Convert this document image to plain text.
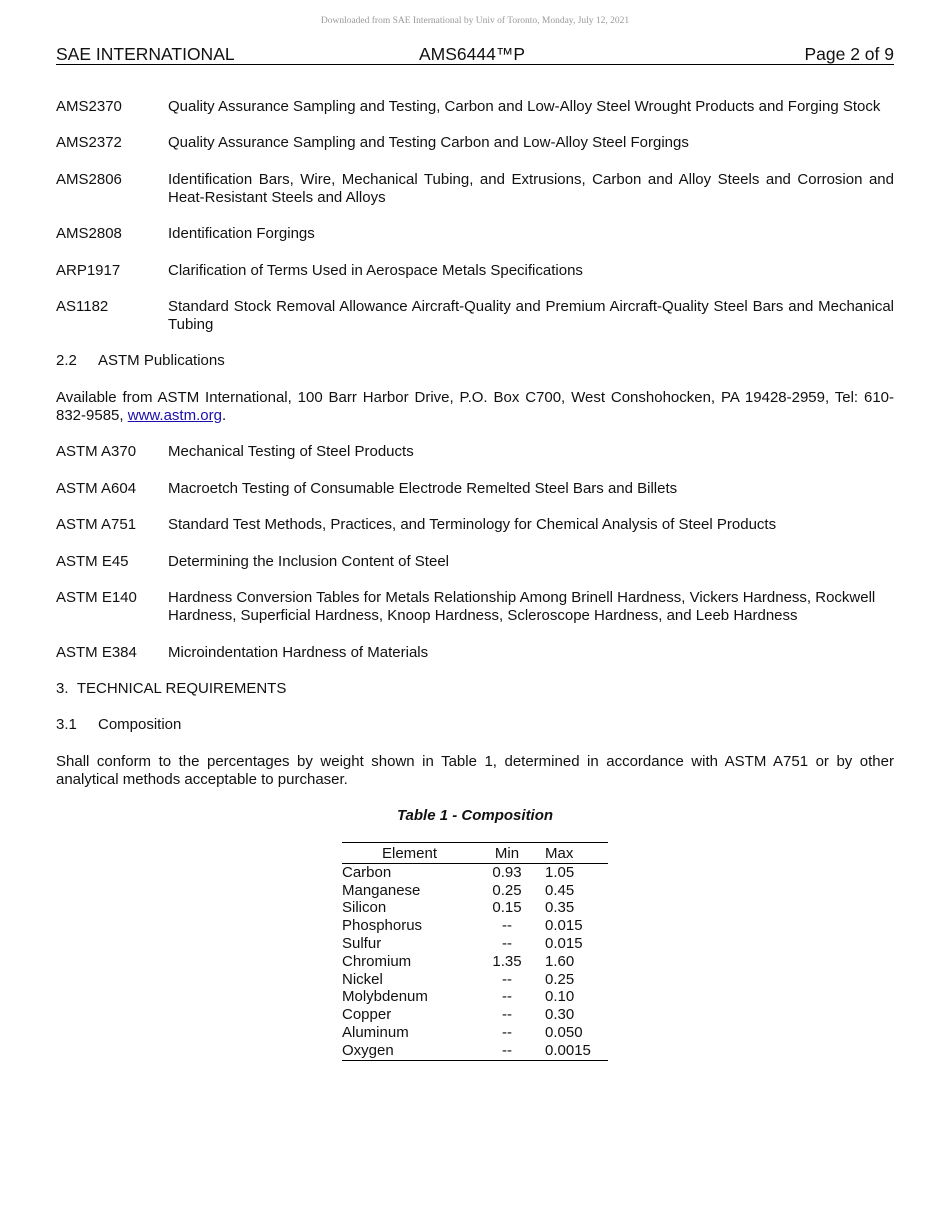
Downloaded from SAE International by Univ of Toronto, Monday, July 12, 2021
SAE INTERNATIONAL	AMS6444™P	Page 2 of 9
AMS2370	Quality Assurance Sampling and Testing, Carbon and Low-Alloy Steel Wrought Products and Forging Stock
AMS2372	Quality Assurance Sampling and Testing Carbon and Low-Alloy Steel Forgings
AMS2806	Identification Bars, Wire, Mechanical Tubing, and Extrusions, Carbon and Alloy Steels and Corrosion and Heat-Resistant Steels and Alloys
AMS2808	Identification Forgings
ARP1917	Clarification of Terms Used in Aerospace Metals Specifications
AS1182	Standard Stock Removal Allowance Aircraft-Quality and Premium Aircraft-Quality Steel Bars and Mechanical Tubing
2.2 ASTM Publications
Available from ASTM International, 100 Barr Harbor Drive, P.O. Box C700, West Conshohocken, PA 19428-2959, Tel: 610-832-9585, www.astm.org.
ASTM A370 Mechanical Testing of Steel Products
ASTM A604 Macroetch Testing of Consumable Electrode Remelted Steel Bars and Billets
ASTM A751 Standard Test Methods, Practices, and Terminology for Chemical Analysis of Steel Products
ASTM E45	Determining the Inclusion Content of Steel
ASTM E140 Hardness Conversion Tables for Metals Relationship Among Brinell Hardness, Vickers Hardness, Rockwell Hardness, Superficial Hardness, Knoop Hardness, Scleroscope Hardness, and Leeb Hardness
ASTM E384 Microindentation Hardness of Materials
3. TECHNICAL REQUIREMENTS
3.1 Composition
Shall conform to the percentages by weight shown in Table 1, determined in accordance with ASTM A751 or by other analytical methods acceptable to purchaser.
Table 1 - Composition
Element	Min	Max
Carbon	0.93	1.05
Manganese	0.25	0.45
Silicon	0.15	0.35
Phosphorus	--	0.015
Sulfur	--	0.015
Chromium	1.35	1.60
Nickel	--	0.25
Molybdenum	--	0.10
Copper	--	0.30
Aluminum	--	0.050
Oxygen	--	0.0015
